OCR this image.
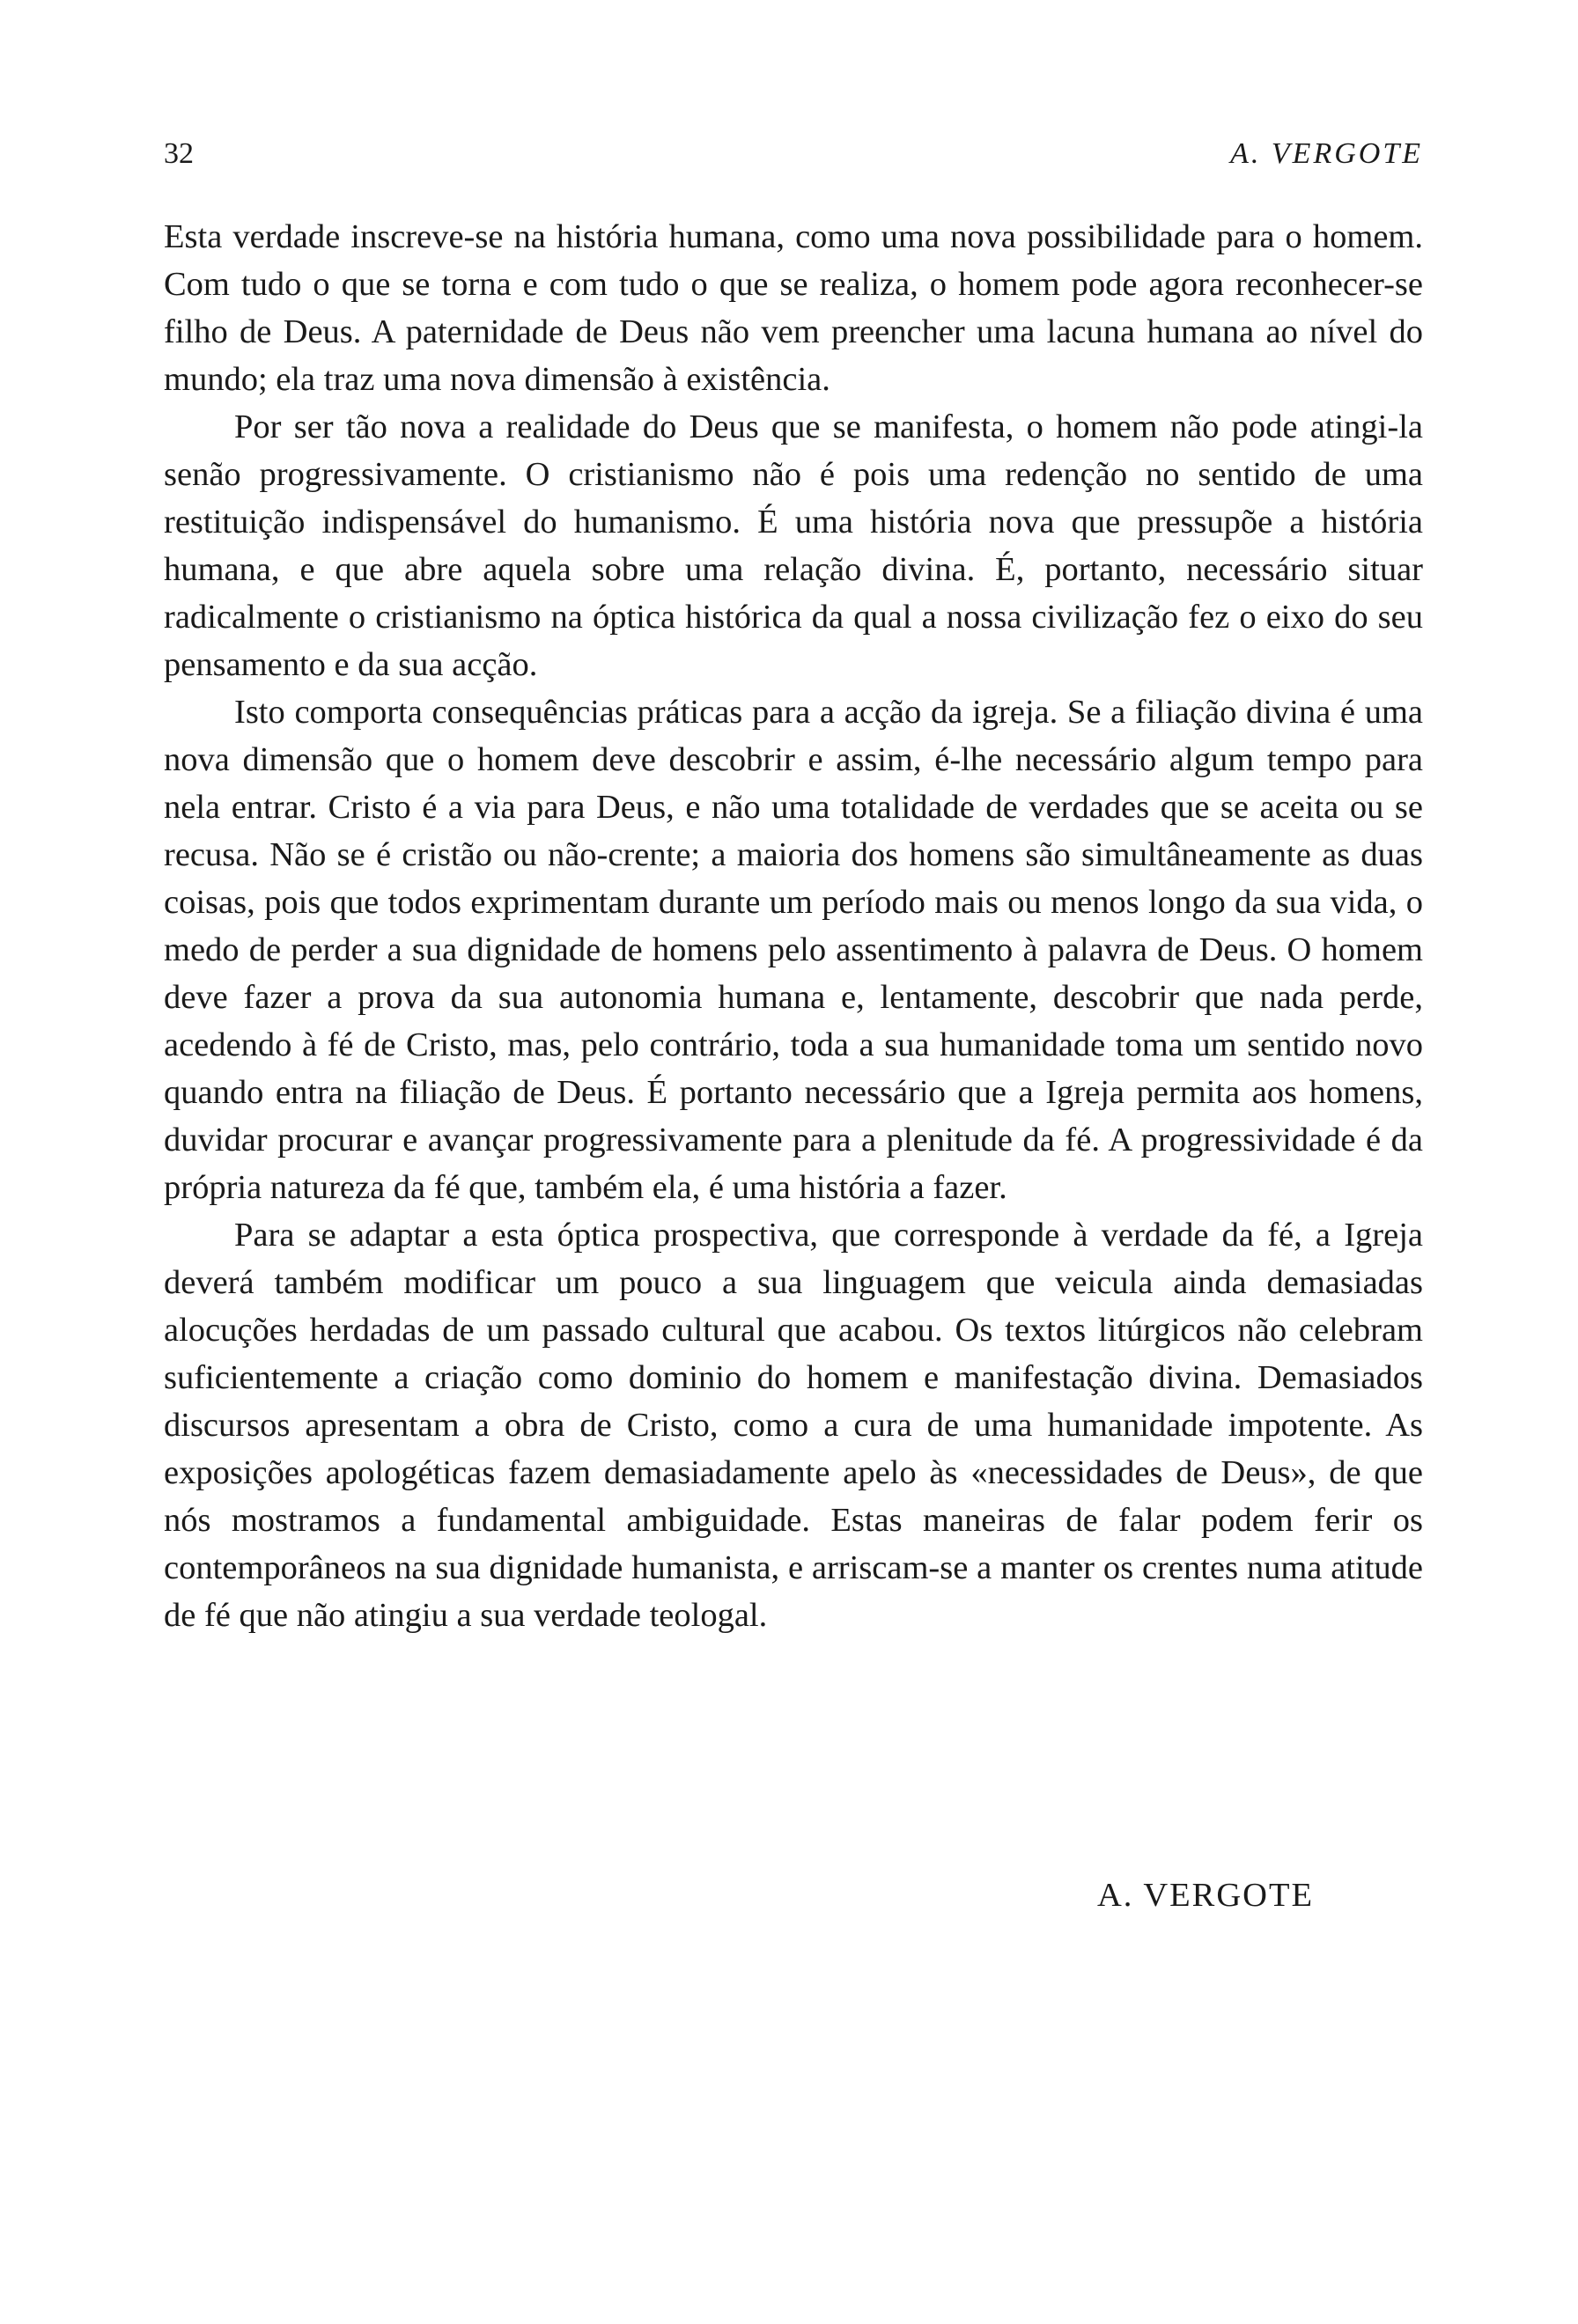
32	A. VERGOTE

Esta verdade inscreve-se na história humana, como uma nova possibilidade para o homem. Com tudo o que se torna e com tudo o que se realiza, o homem pode agora reconhecer-se filho de Deus. A paternidade de Deus não vem preencher uma lacuna humana ao nível do mundo; ela traz uma nova dimensão à existência.

Por ser tão nova a realidade do Deus que se manifesta, o homem não pode atingi-la senão progressivamente. O cristianismo não é pois uma redenção no sentido de uma restituição indispensável do humanismo. É uma história nova que pressupõe a história humana, e que abre aquela sobre uma relação divina. É, portanto, necessário situar radicalmente o cristianismo na óptica histórica da qual a nossa civilização fez o eixo do seu pensamento e da sua acção.

Isto comporta consequências práticas para a acção da igreja. Se a filiação divina é uma nova dimensão que o homem deve descobrir e assim, é-lhe necessário algum tempo para nela entrar. Cristo é a via para Deus, e não uma totalidade de verdades que se aceita ou se recusa. Não se é cristão ou não-crente; a maioria dos homens são simultâneamente as duas coisas, pois que todos exprimentam durante um período mais ou menos longo da sua vida, o medo de perder a sua dignidade de homens pelo assentimento à palavra de Deus. O homem deve fazer a prova da sua autonomia humana e, lentamente, descobrir que nada perde, acedendo à fé de Cristo, mas, pelo contrário, toda a sua humanidade toma um sentido novo quando entra na filiação de Deus. É portanto necessário que a Igreja permita aos homens, duvidar procurar e avançar progressivamente para a plenitude da fé. A progressividade é da própria natureza da fé que, também ela, é uma história a fazer.

Para se adaptar a esta óptica prospectiva, que corresponde à verdade da fé, a Igreja deverá também modificar um pouco a sua linguagem que veicula ainda demasiadas alocuções herdadas de um passado cultural que acabou. Os textos litúrgicos não celebram suficientemente a criação como dominio do homem e manifestação divina. Demasiados discursos apresentam a obra de Cristo, como a cura de uma humanidade impotente. As exposições apologéticas fazem demasiadamente apelo às «necessidades de Deus», de que nós mostramos a fundamental ambiguidade. Estas maneiras de falar podem ferir os contemporâneos na sua dignidade humanista, e arriscam-se a manter os crentes numa atitude de fé que não atingiu a sua verdade teologal.

A. VERGOTE
